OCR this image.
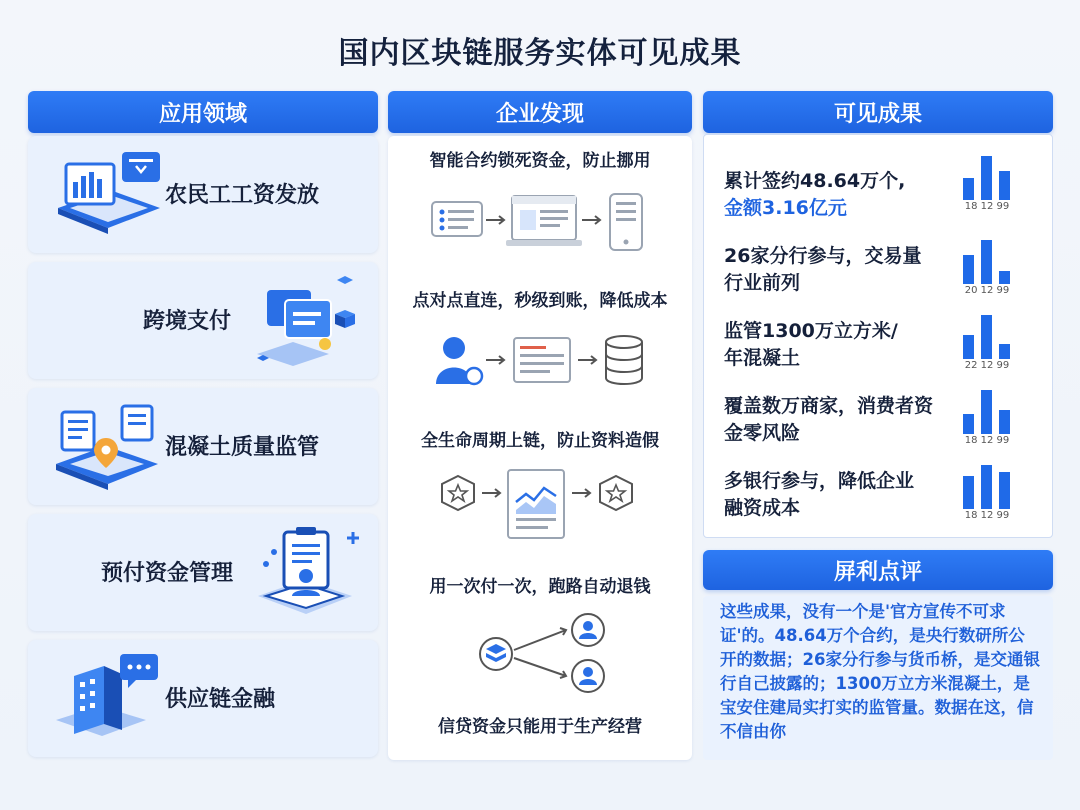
国内区块链服务实体可见成果
应用领域	企业发现	可见成果
农民工工资发放
跨境支付
混凝土质量监管
预付资金管理
供应链金融
智能合约锁死资金，防止挪用
点对点直连，秒级到账，降低成本
全生命周期上链，防止资料造假
用一次付一次，跑路自动退钱
信贷资金只能用于生产经营
累计签约48.64万个,
金额3.16亿元	18 12 99
26家分行参与，交易量
行业前列	20 12 99
监管1300万立方米/
年混凝土	22 12 99
覆盖数万商家，消费者资
金零风险	18 12 99
多银行参与，降低企业
融资成本	18 12 99
屏利点评
这些成果，没有一个是'官方宣传不可求证'的。48.64万个合约，是央行数研所公开的数据；26家分行参与货币桥，是交通银行自己披露的；1300万立方米混凝土，是宝安住建局实打实的监管量。数据在这，信不信由你
